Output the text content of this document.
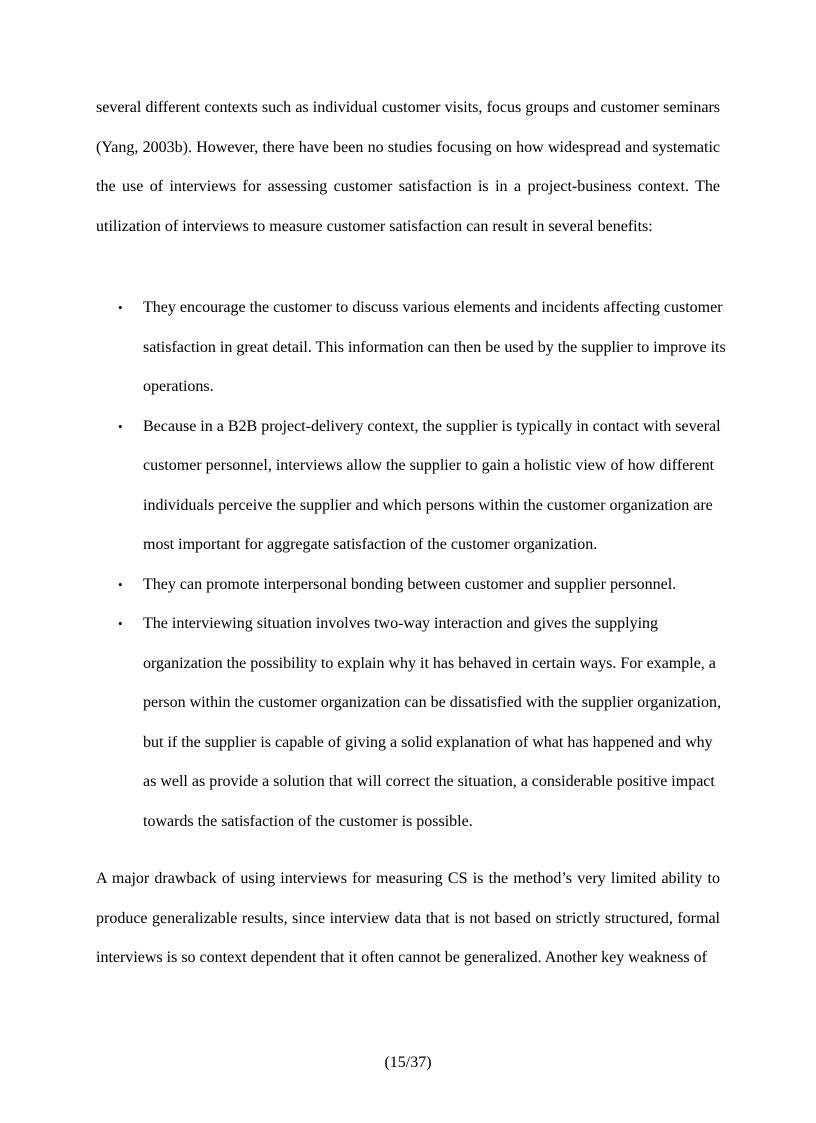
several different contexts such as individual customer visits, focus groups and customer seminars (Yang, 2003b). However, there have been no studies focusing on how widespread and systematic the use of interviews for assessing customer satisfaction is in a project-business context. The utilization of interviews to measure customer satisfaction can result in several benefits:

• They encourage the customer to discuss various elements and incidents affecting customer satisfaction in great detail. This information can then be used by the supplier to improve its operations.
• Because in a B2B project-delivery context, the supplier is typically in contact with several customer personnel, interviews allow the supplier to gain a holistic view of how different individuals perceive the supplier and which persons within the customer organization are most important for aggregate satisfaction of the customer organization.
• They can promote interpersonal bonding between customer and supplier personnel.
• The interviewing situation involves two-way interaction and gives the supplying organization the possibility to explain why it has behaved in certain ways. For example, a person within the customer organization can be dissatisfied with the supplier organization, but if the supplier is capable of giving a solid explanation of what has happened and why as well as provide a solution that will correct the situation, a considerable positive impact towards the satisfaction of the customer is possible.

A major drawback of using interviews for measuring CS is the method’s very limited ability to produce generalizable results, since interview data that is not based on strictly structured, formal interviews is so context dependent that it often cannot be generalized. Another key weakness of

(15/37)
